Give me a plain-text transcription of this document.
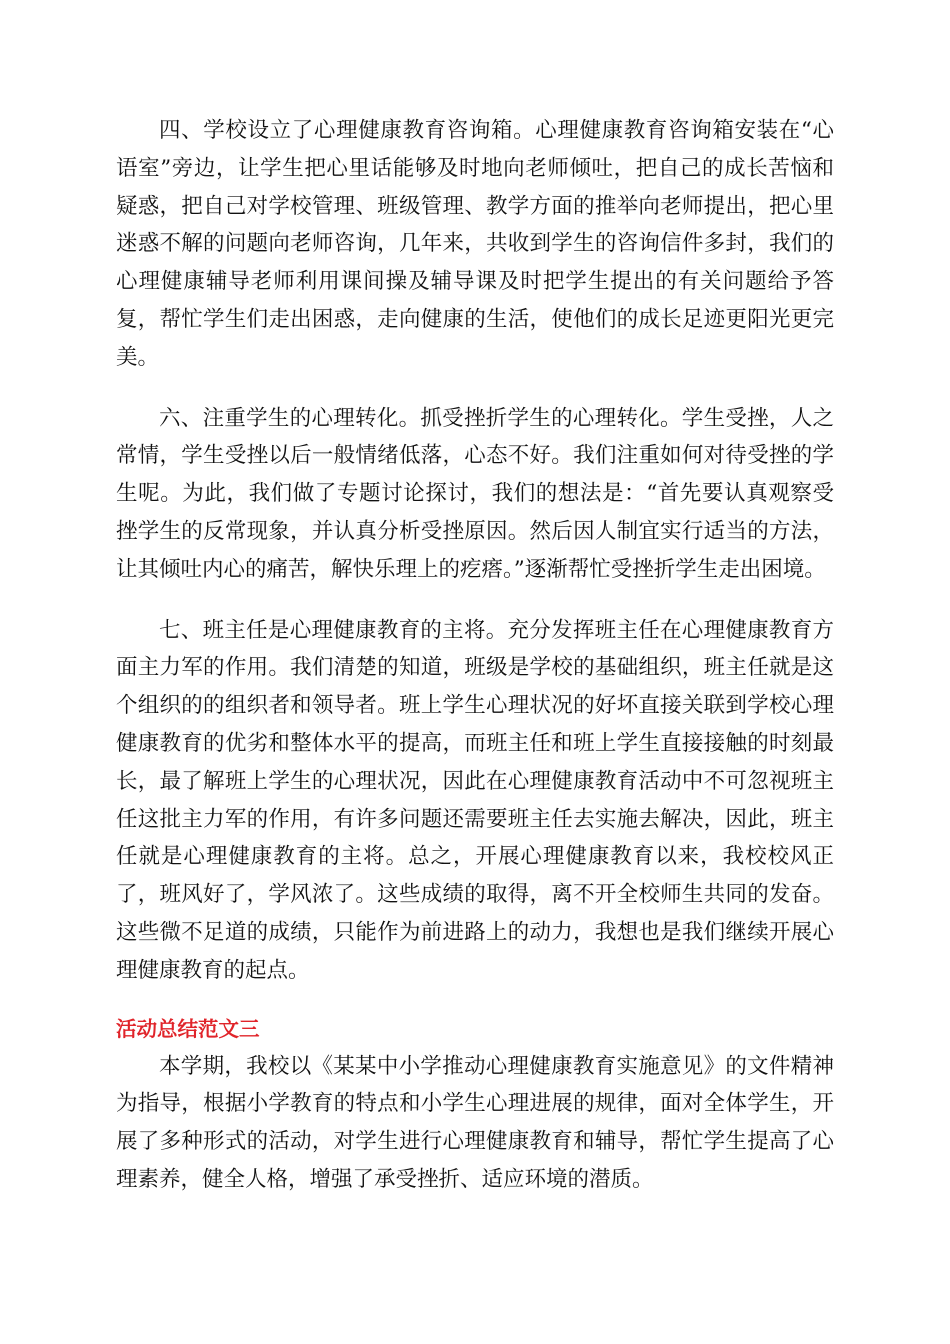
四、学校设立了心理健康教育咨询箱。心理健康教育咨询箱安装在“心语室”旁边，让学生把心里话能够及时地向老师倾吐，把自己的成长苦恼和疑惑，把自己对学校管理、班级管理、教学方面的推举向老师提出，把心里迷惑不解的问题向老师咨询，几年来，共收到学生的咨询信件多封，我们的心理健康辅导老师利用课间操及辅导课及时把学生提出的有关问题给予答复，帮忙学生们走出困惑，走向健康的生活，使他们的成长足迹更阳光更完美。

六、注重学生的心理转化。抓受挫折学生的心理转化。学生受挫，人之常情，学生受挫以后一般情绪低落，心态不好。我们注重如何对待受挫的学生呢。为此，我们做了专题讨论探讨，我们的想法是：“首先要认真观察受挫学生的反常现象，并认真分析受挫原因。然后因人制宜实行适当的方法，让其倾吐内心的痛苦，解快乐理上的疙瘩。”逐渐帮忙受挫折学生走出困境。

七、班主任是心理健康教育的主将。充分发挥班主任在心理健康教育方面主力军的作用。我们清楚的知道，班级是学校的基础组织，班主任就是这个组织的的组织者和领导者。班上学生心理状况的好坏直接关联到学校心理健康教育的优劣和整体水平的提高，而班主任和班上学生直接接触的时刻最长，最了解班上学生的心理状况，因此在心理健康教育活动中不可忽视班主任这批主力军的作用，有许多问题还需要班主任去实施去解决，因此，班主任就是心理健康教育的主将。总之，开展心理健康教育以来，我校校风正了，班风好了，学风浓了。这些成绩的取得，离不开全校师生共同的发奋。这些微不足道的成绩，只能作为前进路上的动力，我想也是我们继续开展心理健康教育的起点。

活动总结范文三

本学期，我校以《某某中小学推动心理健康教育实施意见》的文件精神为指导，根据小学教育的特点和小学生心理进展的规律，面对全体学生，开展了多种形式的活动，对学生进行心理健康教育和辅导，帮忙学生提高了心理素养，健全人格，增强了承受挫折、适应环境的潜质。
